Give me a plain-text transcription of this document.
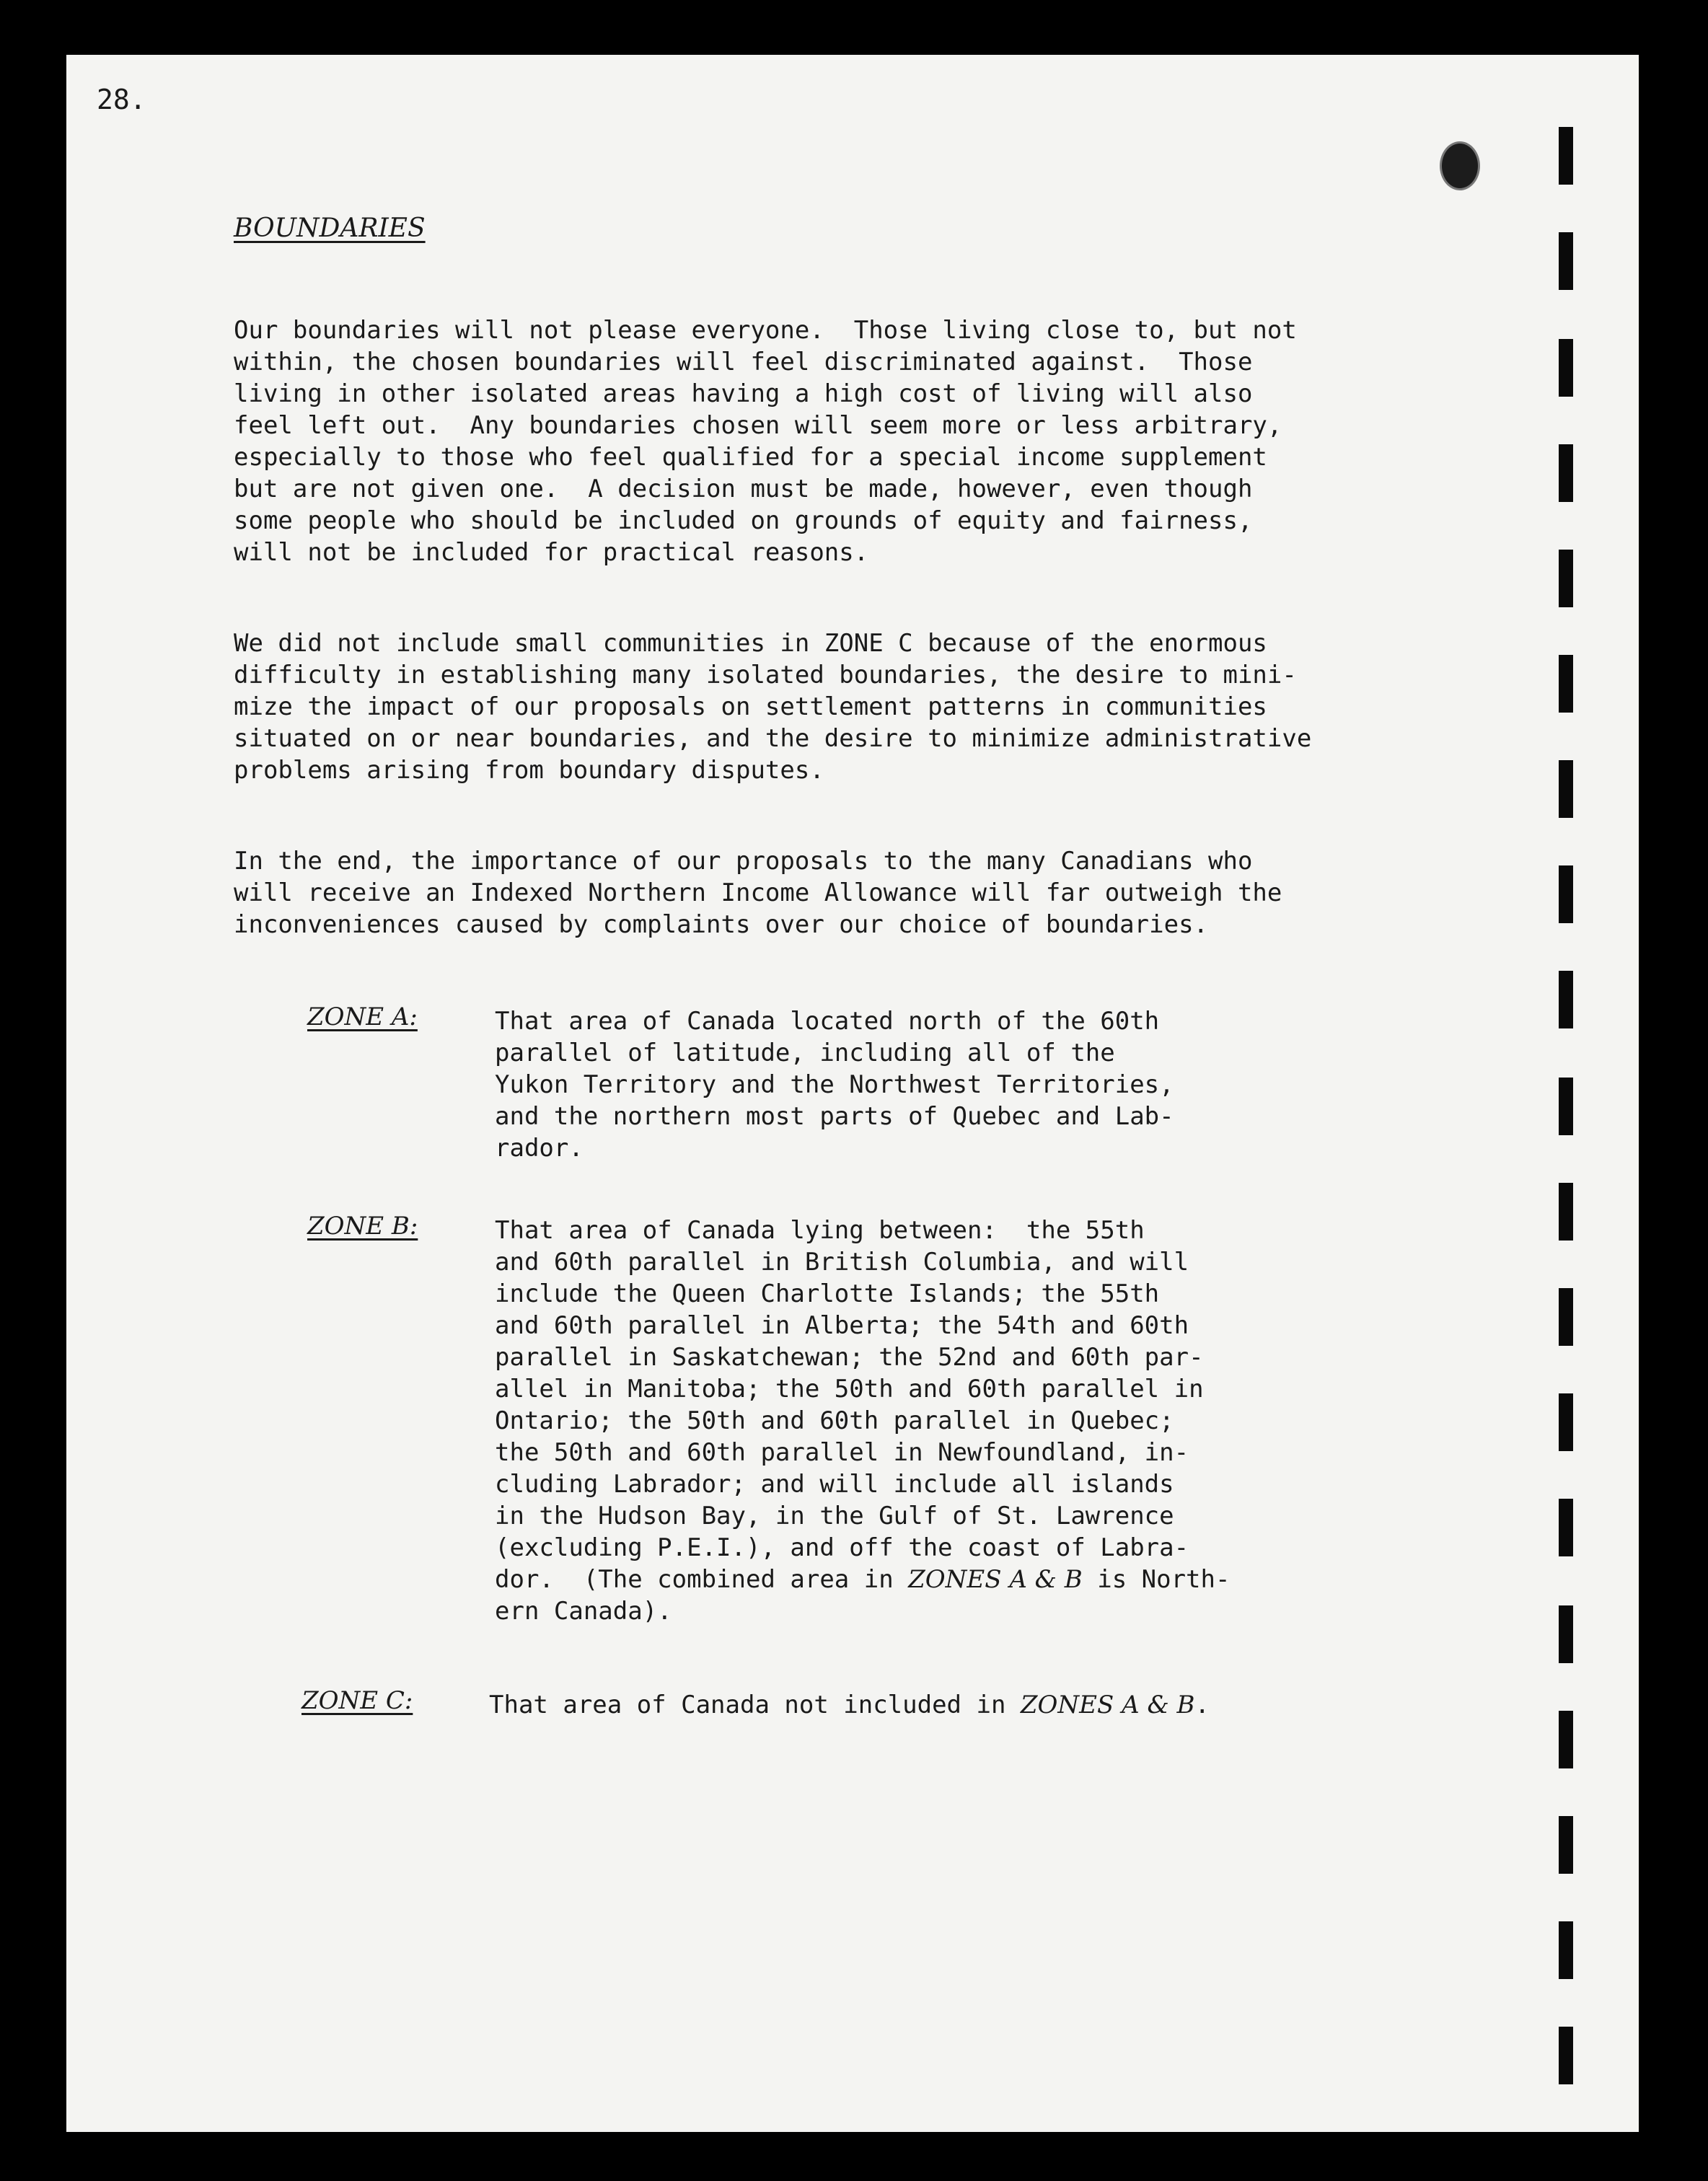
28.
BOUNDARIES
Our boundaries will not please everyone.  Those living close to, but not
within, the chosen boundaries will feel discriminated against.  Those
living in other isolated areas having a high cost of living will also
feel left out.  Any boundaries chosen will seem more or less arbitrary,
especially to those who feel qualified for a special income supplement
but are not given one.  A decision must be made, however, even though
some people who should be included on grounds of equity and fairness,
will not be included for practical reasons.
We did not include small communities in ZONE C because of the enormous
difficulty in establishing many isolated boundaries, the desire to mini-
mize the impact of our proposals on settlement patterns in communities
situated on or near boundaries, and the desire to minimize administrative
problems arising from boundary disputes.
In the end, the importance of our proposals to the many Canadians who
will receive an Indexed Northern Income Allowance will far outweigh the
inconveniences caused by complaints over our choice of boundaries.
ZONE A:	That area of Canada located north of the 60th
parallel of latitude, including all of the
Yukon Territory and the Northwest Territories,
and the northern most parts of Quebec and Lab-
rador.
ZONE B:	That area of Canada lying between:  the 55th
and 60th parallel in British Columbia, and will
include the Queen Charlotte Islands; the 55th
and 60th parallel in Alberta; the 54th and 60th
parallel in Saskatchewan; the 52nd and 60th par-
allel in Manitoba; the 50th and 60th parallel in
Ontario; the 50th and 60th parallel in Quebec;
the 50th and 60th parallel in Newfoundland, in-
cluding Labrador; and will include all islands
in the Hudson Bay, in the Gulf of St. Lawrence
(excluding P.E.I.), and off the coast of Labra-
dor.  (The combined area in ZONES A & B is North-
ern Canada).
ZONE C:	That area of Canada not included in ZONES A & B.
